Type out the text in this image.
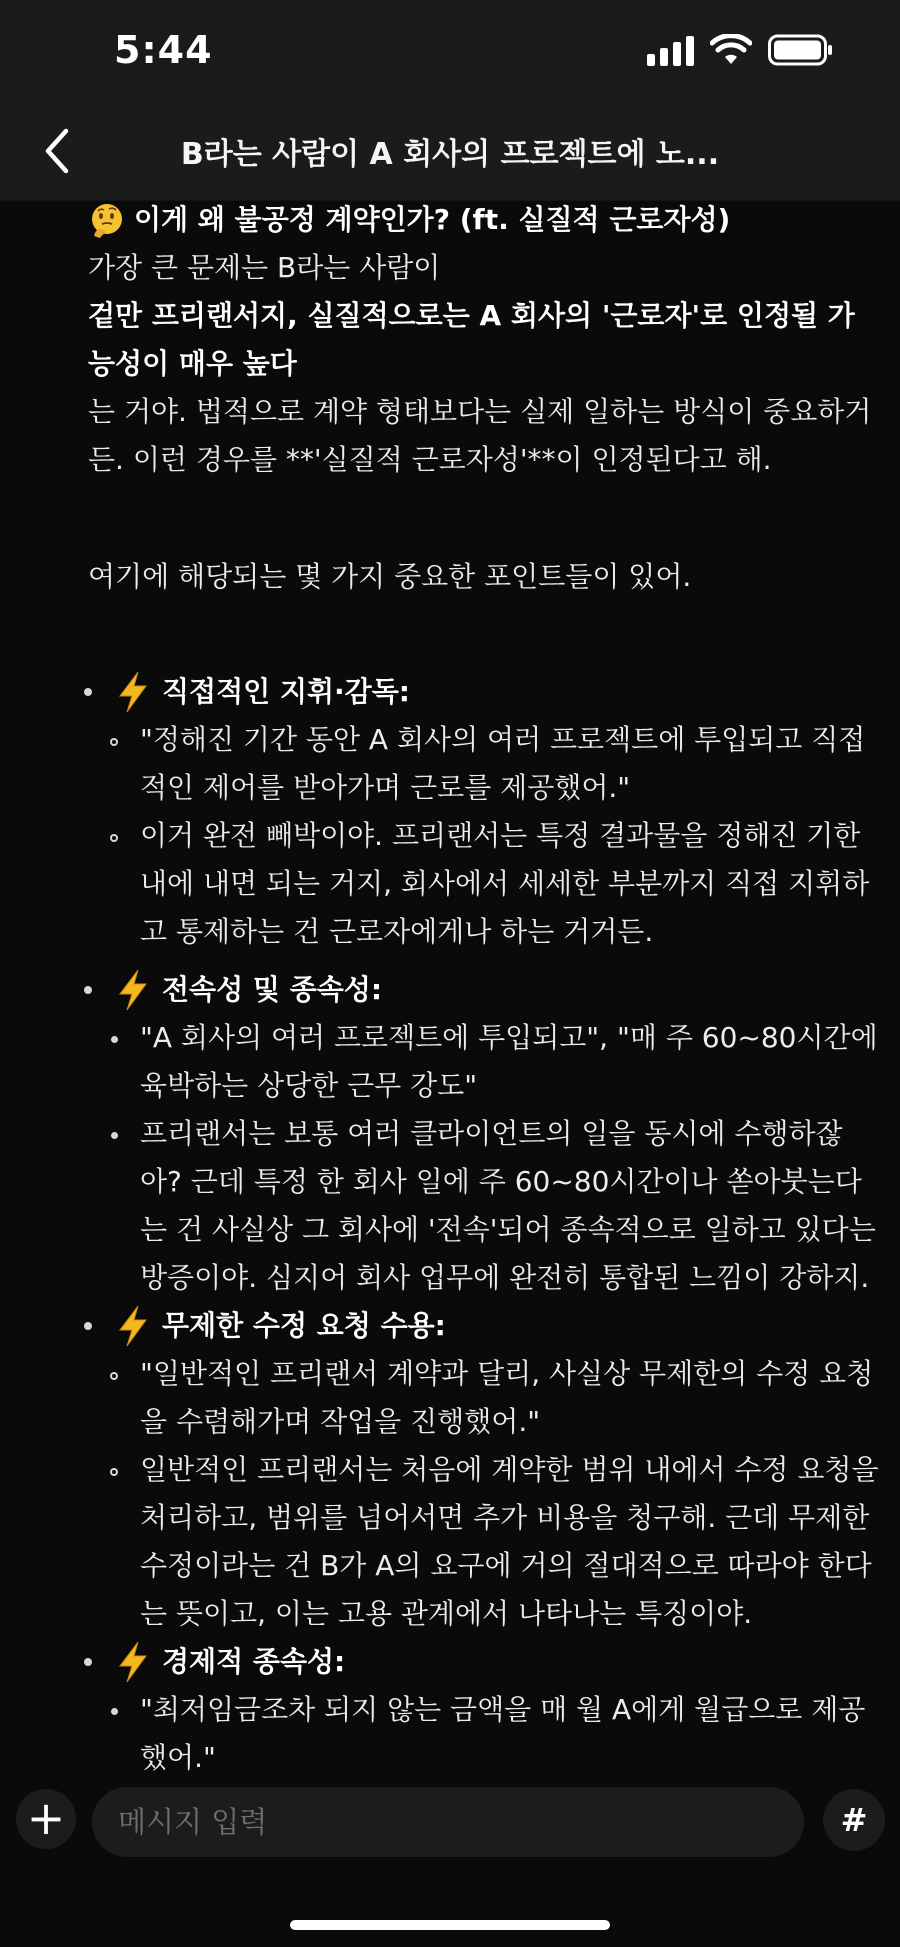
5:44
B라는 사람이 A 회사의 프로젝트에 노...
이게 왜 불공정 계약인가? (ft. 실질적 근로자성)
가장 큰 문제는 B라는 사람이
겉만 프리랜서지, 실질적으로는 A 회사의 '근로자'로 인정될 가능성이 매우 높다
는 거야. 법적으로 계약 형태보다는 실제 일하는 방식이 중요하거든. 이런 경우를 **'실질적 근로자성'**이 인정된다고 해.
여기에 해당되는 몇 가지 중요한 포인트들이 있어.
직접적인 지휘·감독:
"정해진 기간 동안 A 회사의 여러 프로젝트에 투입되고 직접적인 제어를 받아가며 근로를 제공했어."
이거 완전 빼박이야. 프리랜서는 특정 결과물을 정해진 기한 내에 내면 되는 거지, 회사에서 세세한 부분까지 직접 지휘하고 통제하는 건 근로자에게나 하는 거거든.
전속성 및 종속성:
"A 회사의 여러 프로젝트에 투입되고", "매 주 60~80시간에 육박하는 상당한 근무 강도"
프리랜서는 보통 여러 클라이언트의 일을 동시에 수행하잖아? 근데 특정 한 회사 일에 주 60~80시간이나 쏟아붓는다는 건 사실상 그 회사에 '전속'되어 종속적으로 일하고 있다는 방증이야. 심지어 회사 업무에 완전히 통합된 느낌이 강하지.
무제한 수정 요청 수용:
"일반적인 프리랜서 계약과 달리, 사실상 무제한의 수정 요청을 수렴해가며 작업을 진행했어."
일반적인 프리랜서는 처음에 계약한 범위 내에서 수정 요청을 처리하고, 범위를 넘어서면 추가 비용을 청구해. 근데 무제한 수정이라는 건 B가 A의 요구에 거의 절대적으로 따라야 한다는 뜻이고, 이는 고용 관계에서 나타나는 특징이야.
경제적 종속성:
"최저임금조차 되지 않는 금액을 매 월 A에게 월급으로 제공했어."
+
메시지 입력	#
